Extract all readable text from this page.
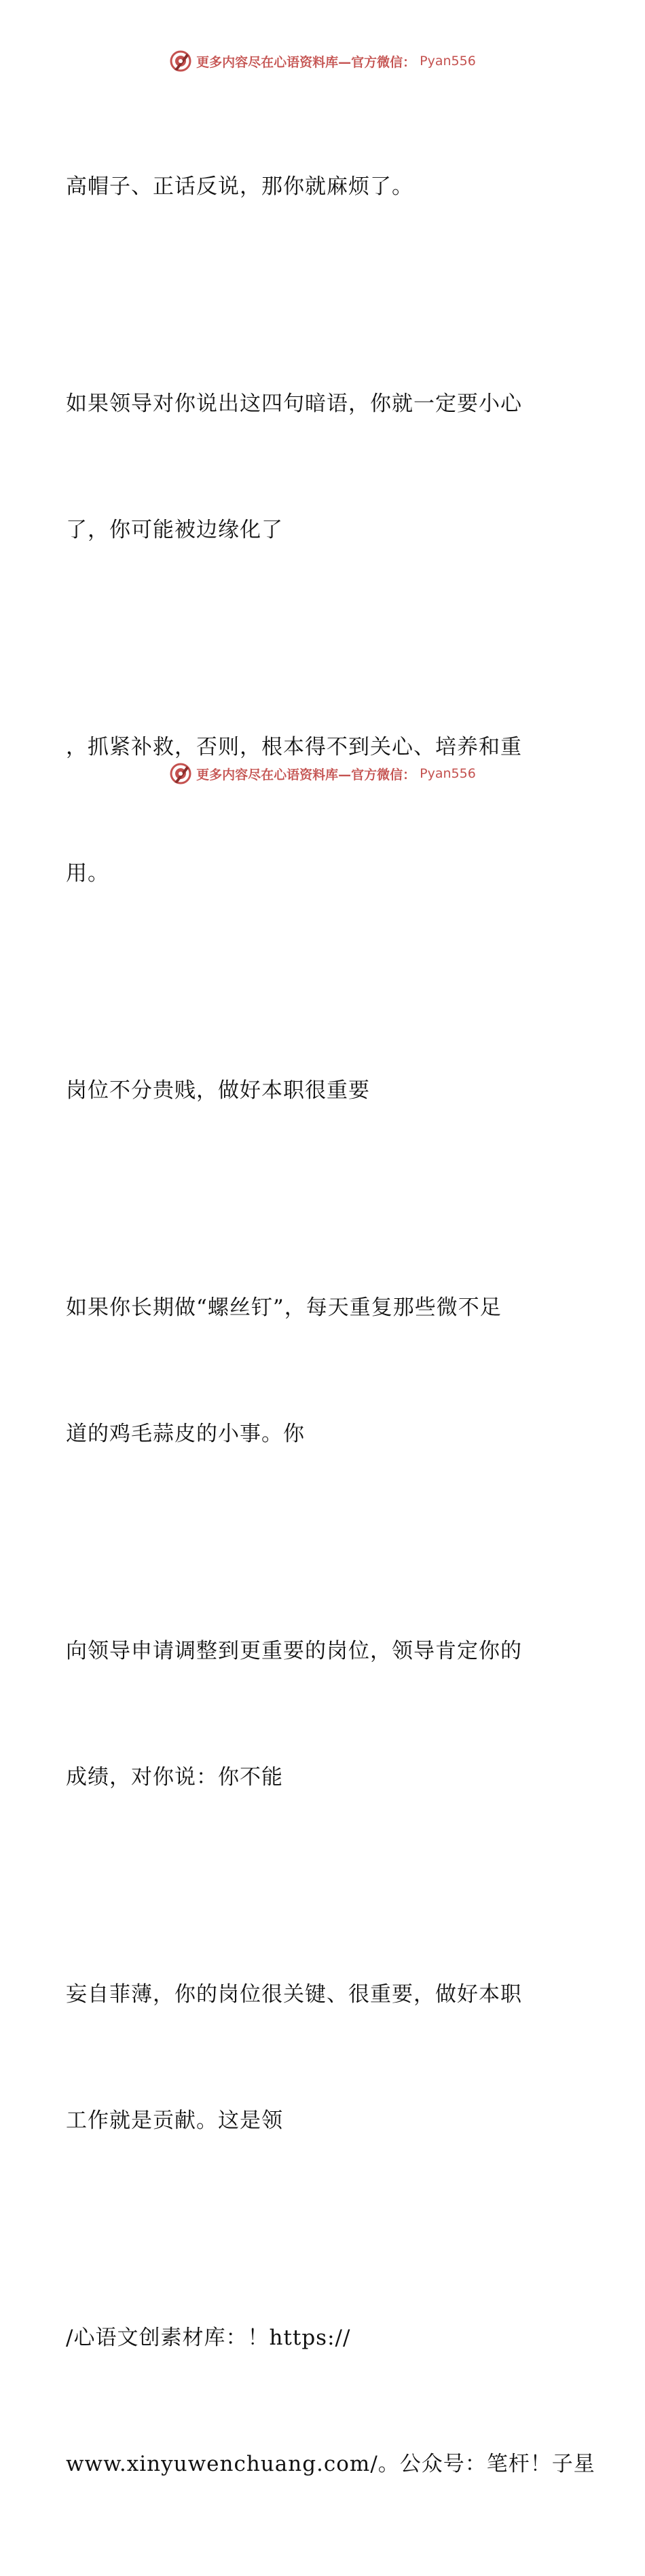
更多内容尽在心语资料库—官方微信： Pyan556

高帽子、正话反说，那你就麻烦了。

如果领导对你说出这四句暗语，你就一定要小心

了，你可能被边缘化了

，抓紧补救，否则，根本得不到关心、培养和重

用。

岗位不分贵贱，做好本职很重要

如果你长期做“螺丝钉”，每天重复那些微不足

道的鸡毛蒜皮的小事。你

向领导申请调整到更重要的岗位，领导肯定你的

成绩，对你说：你不能

妄自菲薄，你的岗位很关键、很重要，做好本职

工作就是贡献。这是领

/心语文创素材库：！https://

www.xinyuwenchuang.com/。公众号：笔杆！子星

更多内容尽在心语资料库—官方微信： Pyan556
